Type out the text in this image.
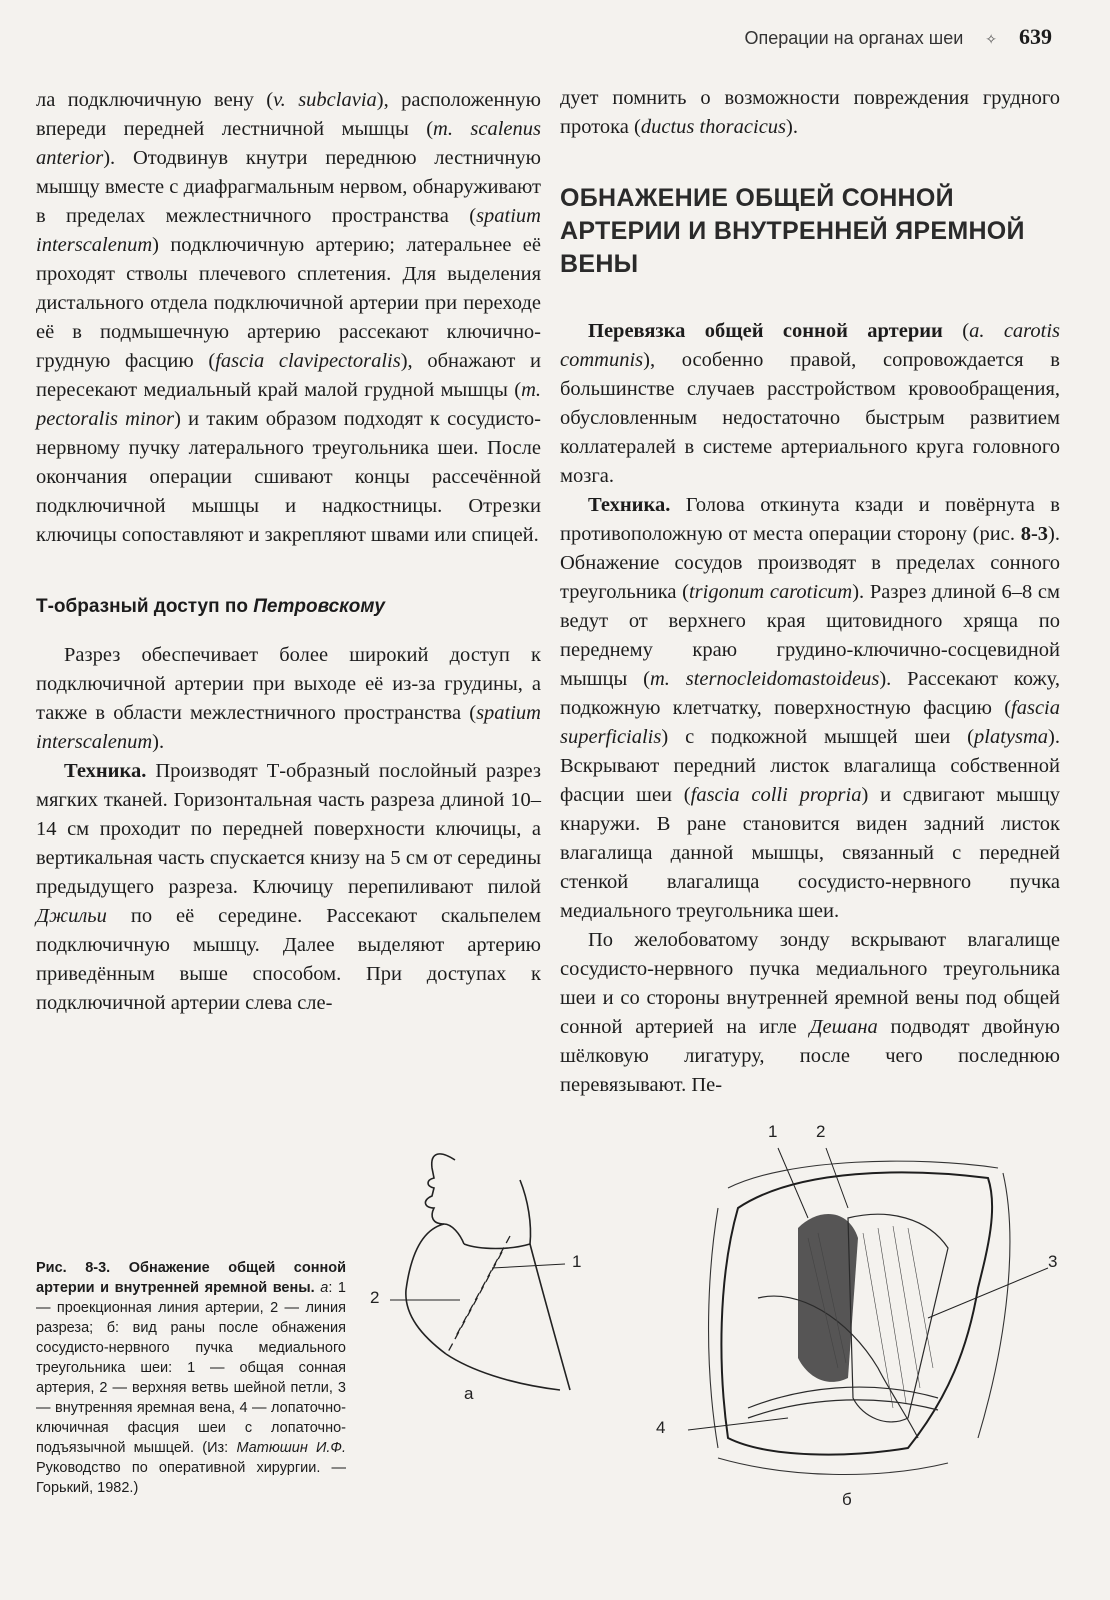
Операции на органах шеи ✧ 639

ла подключичную вену (v. subclavia), расположенную впереди передней лестничной мышцы (m. scalenus anterior). Отодвинув кнутри переднюю лестничную мышцу вместе с диафрагмальным нервом, обнаруживают в пределах межлестничного пространства (spatium interscalenum) подключичную артерию; латеральнее её проходят стволы плечевого сплетения. Для выделения дистального отдела подключичной артерии при переходе её в подмышечную артерию рассекают ключично-грудную фасцию (fascia clavipectoralis), обнажают и пересекают медиальный край малой грудной мышцы (m. pectoralis minor) и таким образом подходят к сосудисто-нервному пучку латерального треугольника шеи. После окончания операции сшивают концы рассечённой подключичной мышцы и надкостницы. Отрезки ключицы сопоставляют и закрепляют швами или спицей.

Т-образный доступ по Петровскому

Разрез обеспечивает более широкий доступ к подключичной артерии при выходе её из-за грудины, а также в области межлестничного пространства (spatium interscalenum).

Техника. Производят Т-образный послойный разрез мягких тканей. Горизонтальная часть разреза длиной 10–14 см проходит по передней поверхности ключицы, а вертикальная часть спускается книзу на 5 см от середины предыдущего разреза. Ключицу перепиливают пилой Джильи по её середине. Рассекают скальпелем подключичную мышцу. Далее выделяют артерию приведённым выше способом. При доступах к подключичной артерии слева сле-

дует помнить о возможности повреждения грудного протока (ductus thoracicus).

ОБНАЖЕНИЕ ОБЩЕЙ СОННОЙ АРТЕРИИ И ВНУТРЕННЕЙ ЯРЕМНОЙ ВЕНЫ

Перевязка общей сонной артерии (a. carotis communis), особенно правой, сопровождается в большинстве случаев расстройством кровообращения, обусловленным недостаточно быстрым развитием коллатералей в системе артериального круга головного мозга.

Техника. Голова откинута кзади и повёрнута в противоположную от места операции сторону (рис. 8-3). Обнажение сосудов производят в пределах сонного треугольника (trigonum caroticum). Разрез длиной 6–8 см ведут от верхнего края щитовидного хряща по переднему краю грудино-ключично-сосцевидной мышцы (m. sternocleidomastoideus). Рассекают кожу, подкожную клетчатку, поверхностную фасцию (fascia superficialis) с подкожной мышцей шеи (platysma). Вскрывают передний листок влагалища собственной фасции шеи (fascia colli propria) и сдвигают мышцу кнаружи. В ране становится виден задний листок влагалища данной мышцы, связанный с передней стенкой влагалища сосудисто-нервного пучка медиального треугольника шеи.

По желобоватому зонду вскрывают влагалище сосудисто-нервного пучка медиального треугольника шеи и со стороны внутренней яремной вены под общей сонной артерией на игле Дешана подводят двойную шёлковую лигатуру, после чего последнюю перевязывают. Пе-

Рис. 8-3. Обнажение общей сонной артерии и внутренней яремной вены. а: 1 — проекционная линия артерии, 2 — линия разреза; б: вид раны после обнажения сосудисто-нервного пучка медиального треугольника шеи: 1 — общая сонная артерия, 2 — верхняя ветвь шейной петли, 3 — внутренняя яремная вена, 4 — лопаточно-ключичная фасция шеи с лопаточно-подъязычной мышцей. (Из: Матюшин И.Ф. Руководство по оперативной хирургии. — Горький, 1982.)
1
2
а
1 2
3
4
б
